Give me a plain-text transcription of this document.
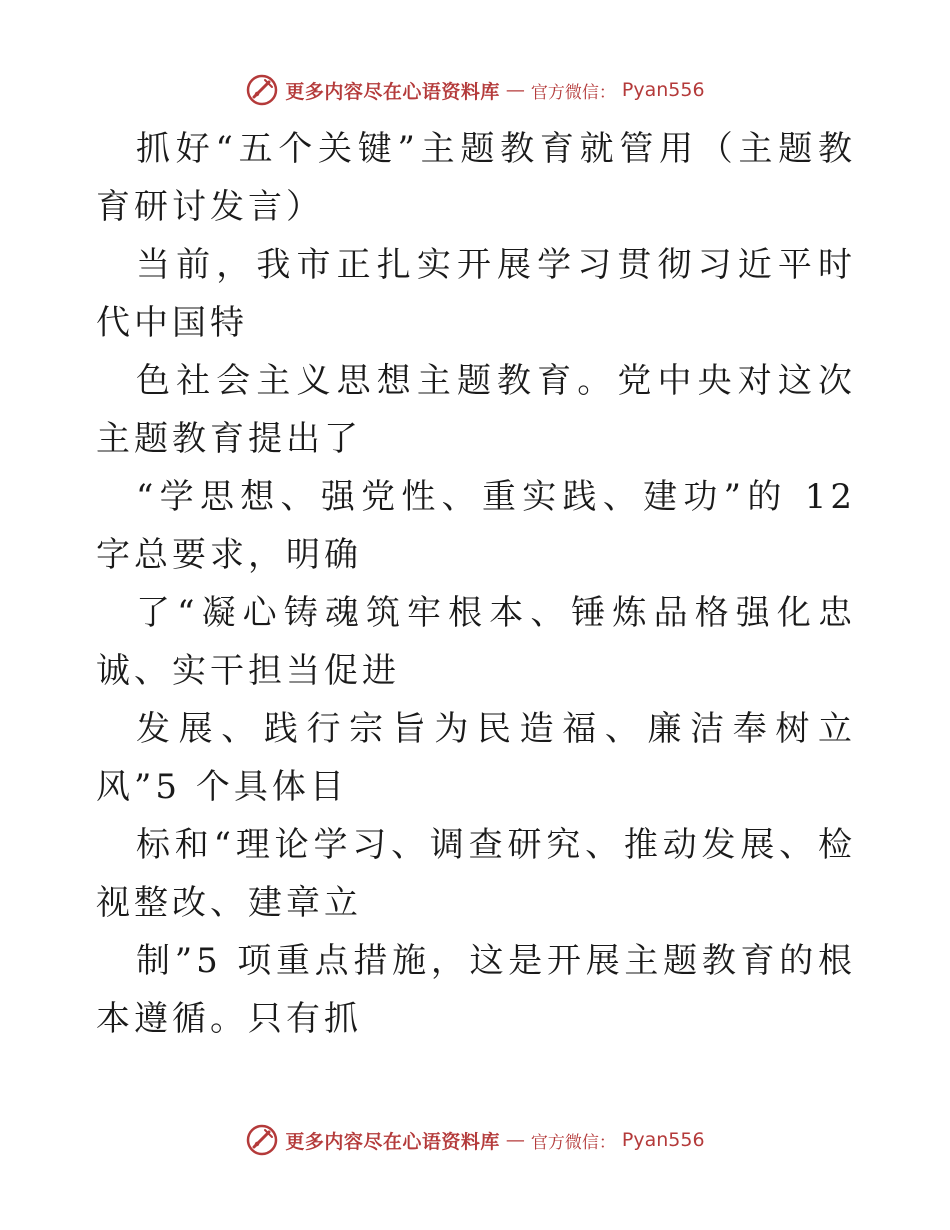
更多内容尽在心语资料库 — 官方微信： Pyan556

抓好“五个关键”主题教育就管用（主题教育研讨发言）

当前，我市正扎实开展学习贯彻习近平时代中国特

色社会主义思想主题教育。党中央对这次主题教育提出了

“学思想、强党性、重实践、建功”的 12 字总要求，明确

了“凝心铸魂筑牢根本、锤炼品格强化忠诚、实干担当促进

发展、践行宗旨为民造福、廉洁奉树立风”5 个具体目

标和“理论学习、调查研究、推动发展、检视整改、建章立

制”5 项重点措施，这是开展主题教育的根本遵循。只有抓

更多内容尽在心语资料库 — 官方微信： Pyan556
